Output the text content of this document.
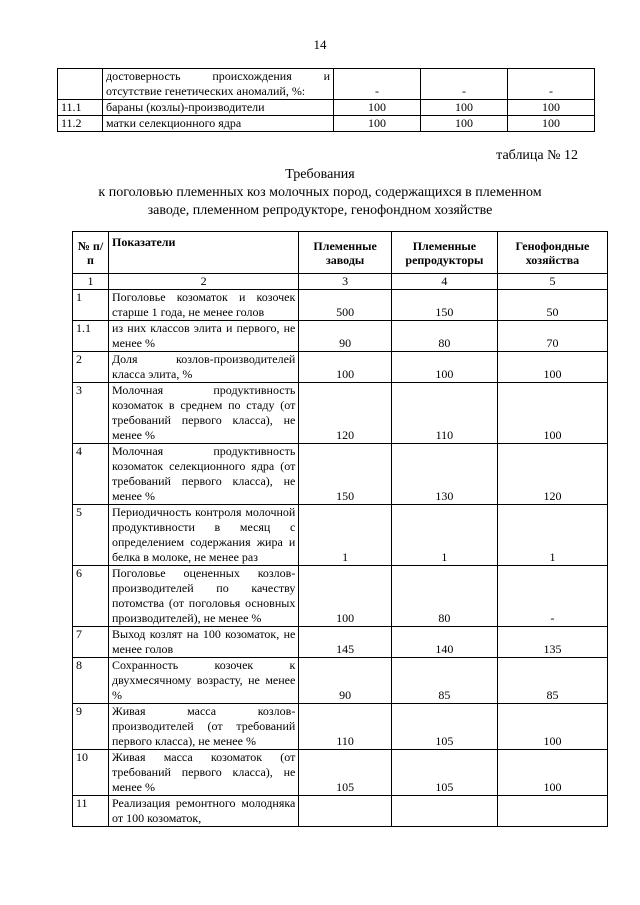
14
	достоверность происхождения и отсутствие генетических аномалий, %:	-	-	-
11.1	бараны (козлы)-производители	100	100	100
11.2	матки селекционного ядра	100	100	100
таблица № 12
Требования
к поголовью племенных коз молочных пород, содержащихся в племенном
заводе, племенном репродукторе, генофондном хозяйстве
№ п/п	Показатели	Племенные заводы	Племенные репродукторы	Генофондные хозяйства
1	2	3	4	5
1	Поголовье козоматок и козочек старше 1 года, не менее голов	500	150	50
1.1	из них классов элита и первого, не менее %	90	80	70
2	Доля козлов-производителей класса элита, %	100	100	100
3	Молочная продуктивность козоматок в среднем по стаду (от требований первого класса), не менее %	120	110	100
4	Молочная продуктивность козоматок селекционного ядра (от требований первого класса), не менее %	150	130	120
5	Периодичность контроля молочной продуктивности в месяц с определением содержания жира и белка в молоке, не менее раз	1	1	1
6	Поголовье оцененных козлов-производителей по качеству потомства (от поголовья основных производителей), не менее %	100	80	-
7	Выход козлят на 100 козоматок, не менее голов	145	140	135
8	Сохранность козочек к двухмесячному возрасту, не менее %	90	85	85
9	Живая масса козлов-производителей (от требований первого класса), не менее %	110	105	100
10	Живая масса козоматок (от требований первого класса), не менее %	105	105	100
11	Реализация ремонтного молодняка от 100 козоматок,			
